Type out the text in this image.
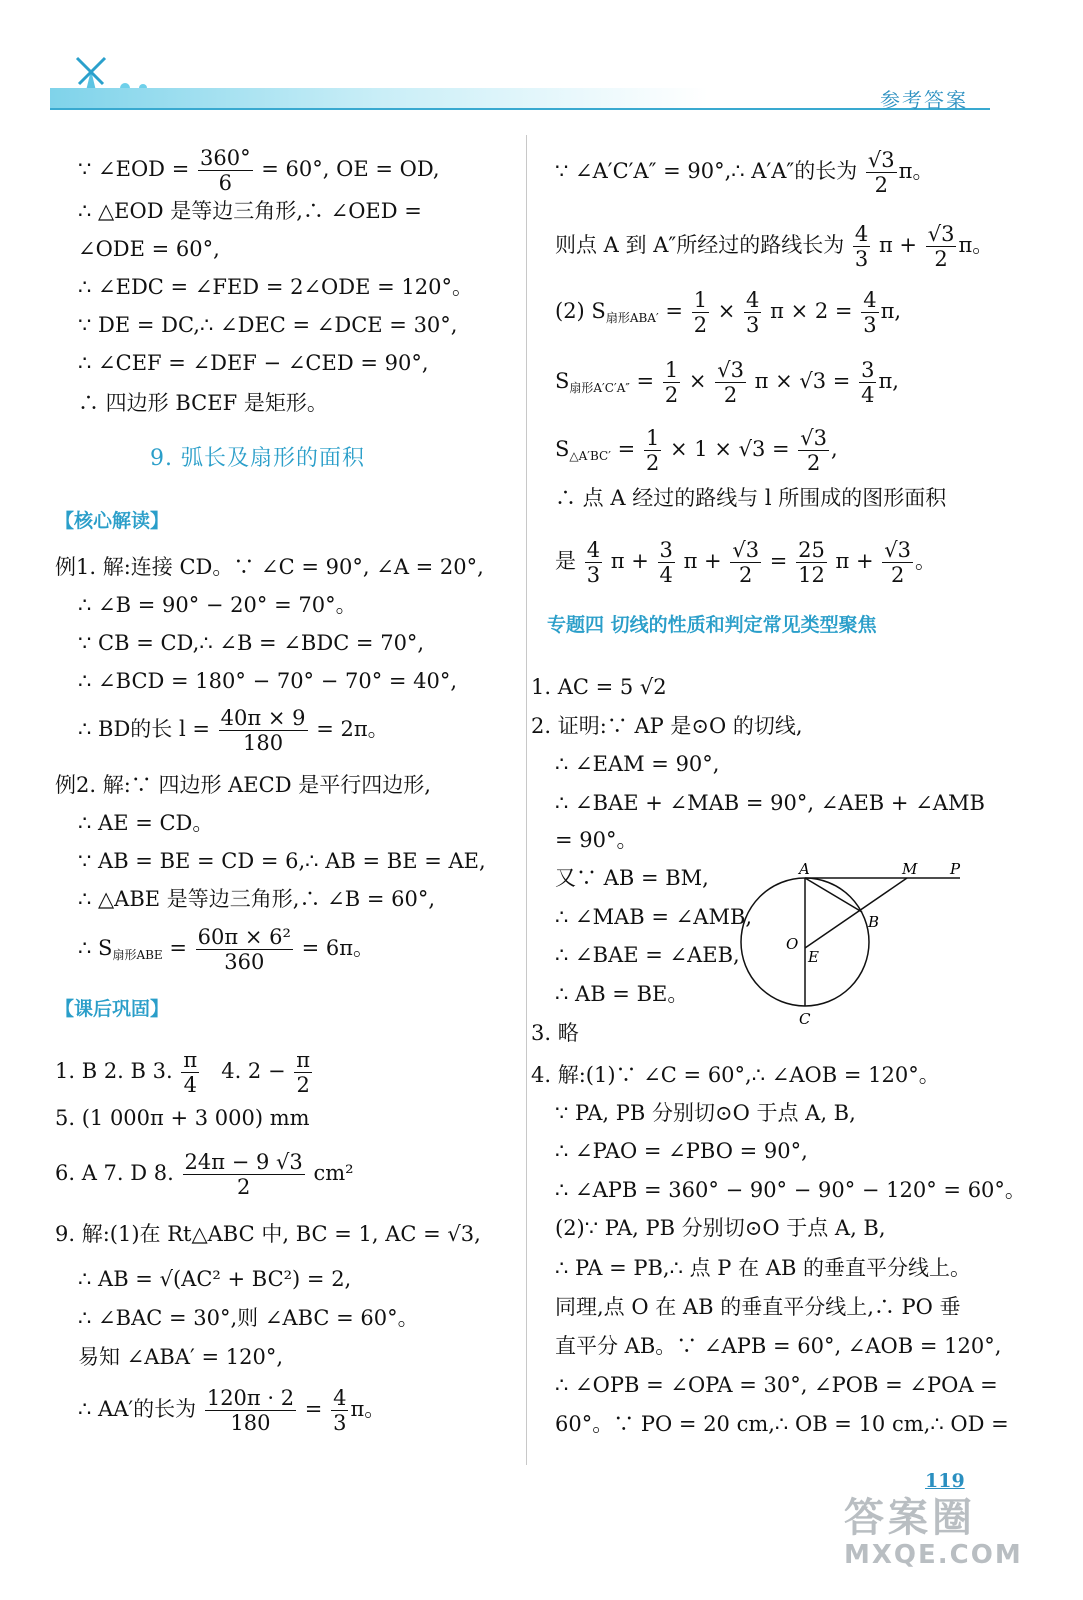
参考答案
∵ ∠EOD = $\frac{360^\circ}{6} = 60^\circ$, OE = OD,
∴ △EOD 是等边三角形,∴ ∠OED =
∠ODE = 60°,
∴ ∠EDC = ∠FED = 2∠ODE = 120°。
∵ DE = DC,∴ ∠DEC = ∠DCE = 30°,
∴ ∠CEF = ∠DEF − ∠CED = 90°,
∴ 四边形 BCEF 是矩形。
9. 弧长及扇形的面积
【核心解读】
例1. 解:连接 CD。∵ ∠C = 90°, ∠A = 20°,
∴ ∠B = 90° − 20° = 70°。
∵ CB = CD,∴ ∠B = ∠BDC = 70°,
∴ ∠BCD = 180° − 70° − 70° = 40°,
∴ BD的长 $l = \frac{40\pi \times 9}{180} = 2\pi$。
例2. 解:∵ 四边形 AECD 是平行四边形,
∴ AE = CD。
∵ AB = BE = CD = 6,∴ AB = BE = AE,
∴ △ABE 是等边三角形,∴ ∠B = 60°,
∴ $S_{扇形ABE} = \frac{\text{60π × 6²}}{360} = 6\pi$。
【课后巩固】
1. B 2. B 3. $\frac{\pi}{4} 4$. $2 - \frac{\pi}{2}$
5. (1 000π + 3 000) mm
6. A 7. D 8. $\frac{24\pi - 9 √3}{2} cm^2$
9. 解:(1)在 Rt△ABC 中, BC = 1, AC = √3,
∴ AB = √(AC² + BC²) = 2,
∴ ∠BAC = 30°,则 ∠ABC = 60°。
易知 ∠ABA′ = 120°,
∴ AA′的长为 $\frac{120\pi \cdot 2}{180} = \frac{4}{3}$ π。
∵ ∠A′C′A″ = 90°,∴ A′A″的长为 $\frac{√3}{2}$ π。
则点 A 到 A″所经过的路线长为 $\frac{4}{3}$ $\pi + \frac{√3}{2}$ π。
(2) $S_{扇形ABA'} = \frac{1}{2} \times \frac{4}{3}$ $\pi \times 2 = \frac{4}{3} \pi$,
$S_{扇形A'C'A''} = \frac{1}{2} \times \frac{√3}{2}$ $\pi \times √3 = \frac{3}{4} \pi$,
$S_{\triangle A'BC'} = \frac{1}{2} \times 1 \times √3 = \frac{√3}{2}$ ,
∴ 点 A 经过的路线与 l 所围成的图形面积
是 $\frac{4}{3}$ $\pi + \frac{3}{4}$ $\pi + \frac{√3}{2} = \frac{25}{12}$ $\pi + \frac{√3}{2}$ 。
专题四 切线的性质和判定常见类型聚焦
1. AC = 5 √2
2. 证明:∵ AP 是⊙O 的切线,
∴ ∠EAM = 90°,
∴ ∠BAE + ∠MAB = 90°, ∠AEB + ∠AMB
= 90°。
又∵ AB = BM,
∴ ∠MAB = ∠AMB,
∴ ∠BAE = ∠AEB,
∴ AB = BE。
A	M P
B
O
E
C
3. 略
4. 解:(1)∵ ∠C = 60°,∴ ∠AOB = 120°。
∵ PA, PB 分别切⊙O 于点 A, B,
∴ ∠PAO = ∠PBO = 90°,
∴ ∠APB = 360° − 90° − 90° − 120° = 60°。
(2)∵ PA, PB 分别切⊙O 于点 A, B,
∴ PA = PB,∴ 点 P 在 AB 的垂直平分线上。
同理,点 O 在 AB 的垂直平分线上,∴ PO 垂
直平分 AB。∵ ∠APB = 60°, ∠AOB = 120°,
∴ ∠OPB = ∠OPA = 30°, ∠POB = ∠POA =
60°。∵ PO = 20 cm,∴ OB = 10 cm,∴ OD =
119
答案圈
MXQE.COM
